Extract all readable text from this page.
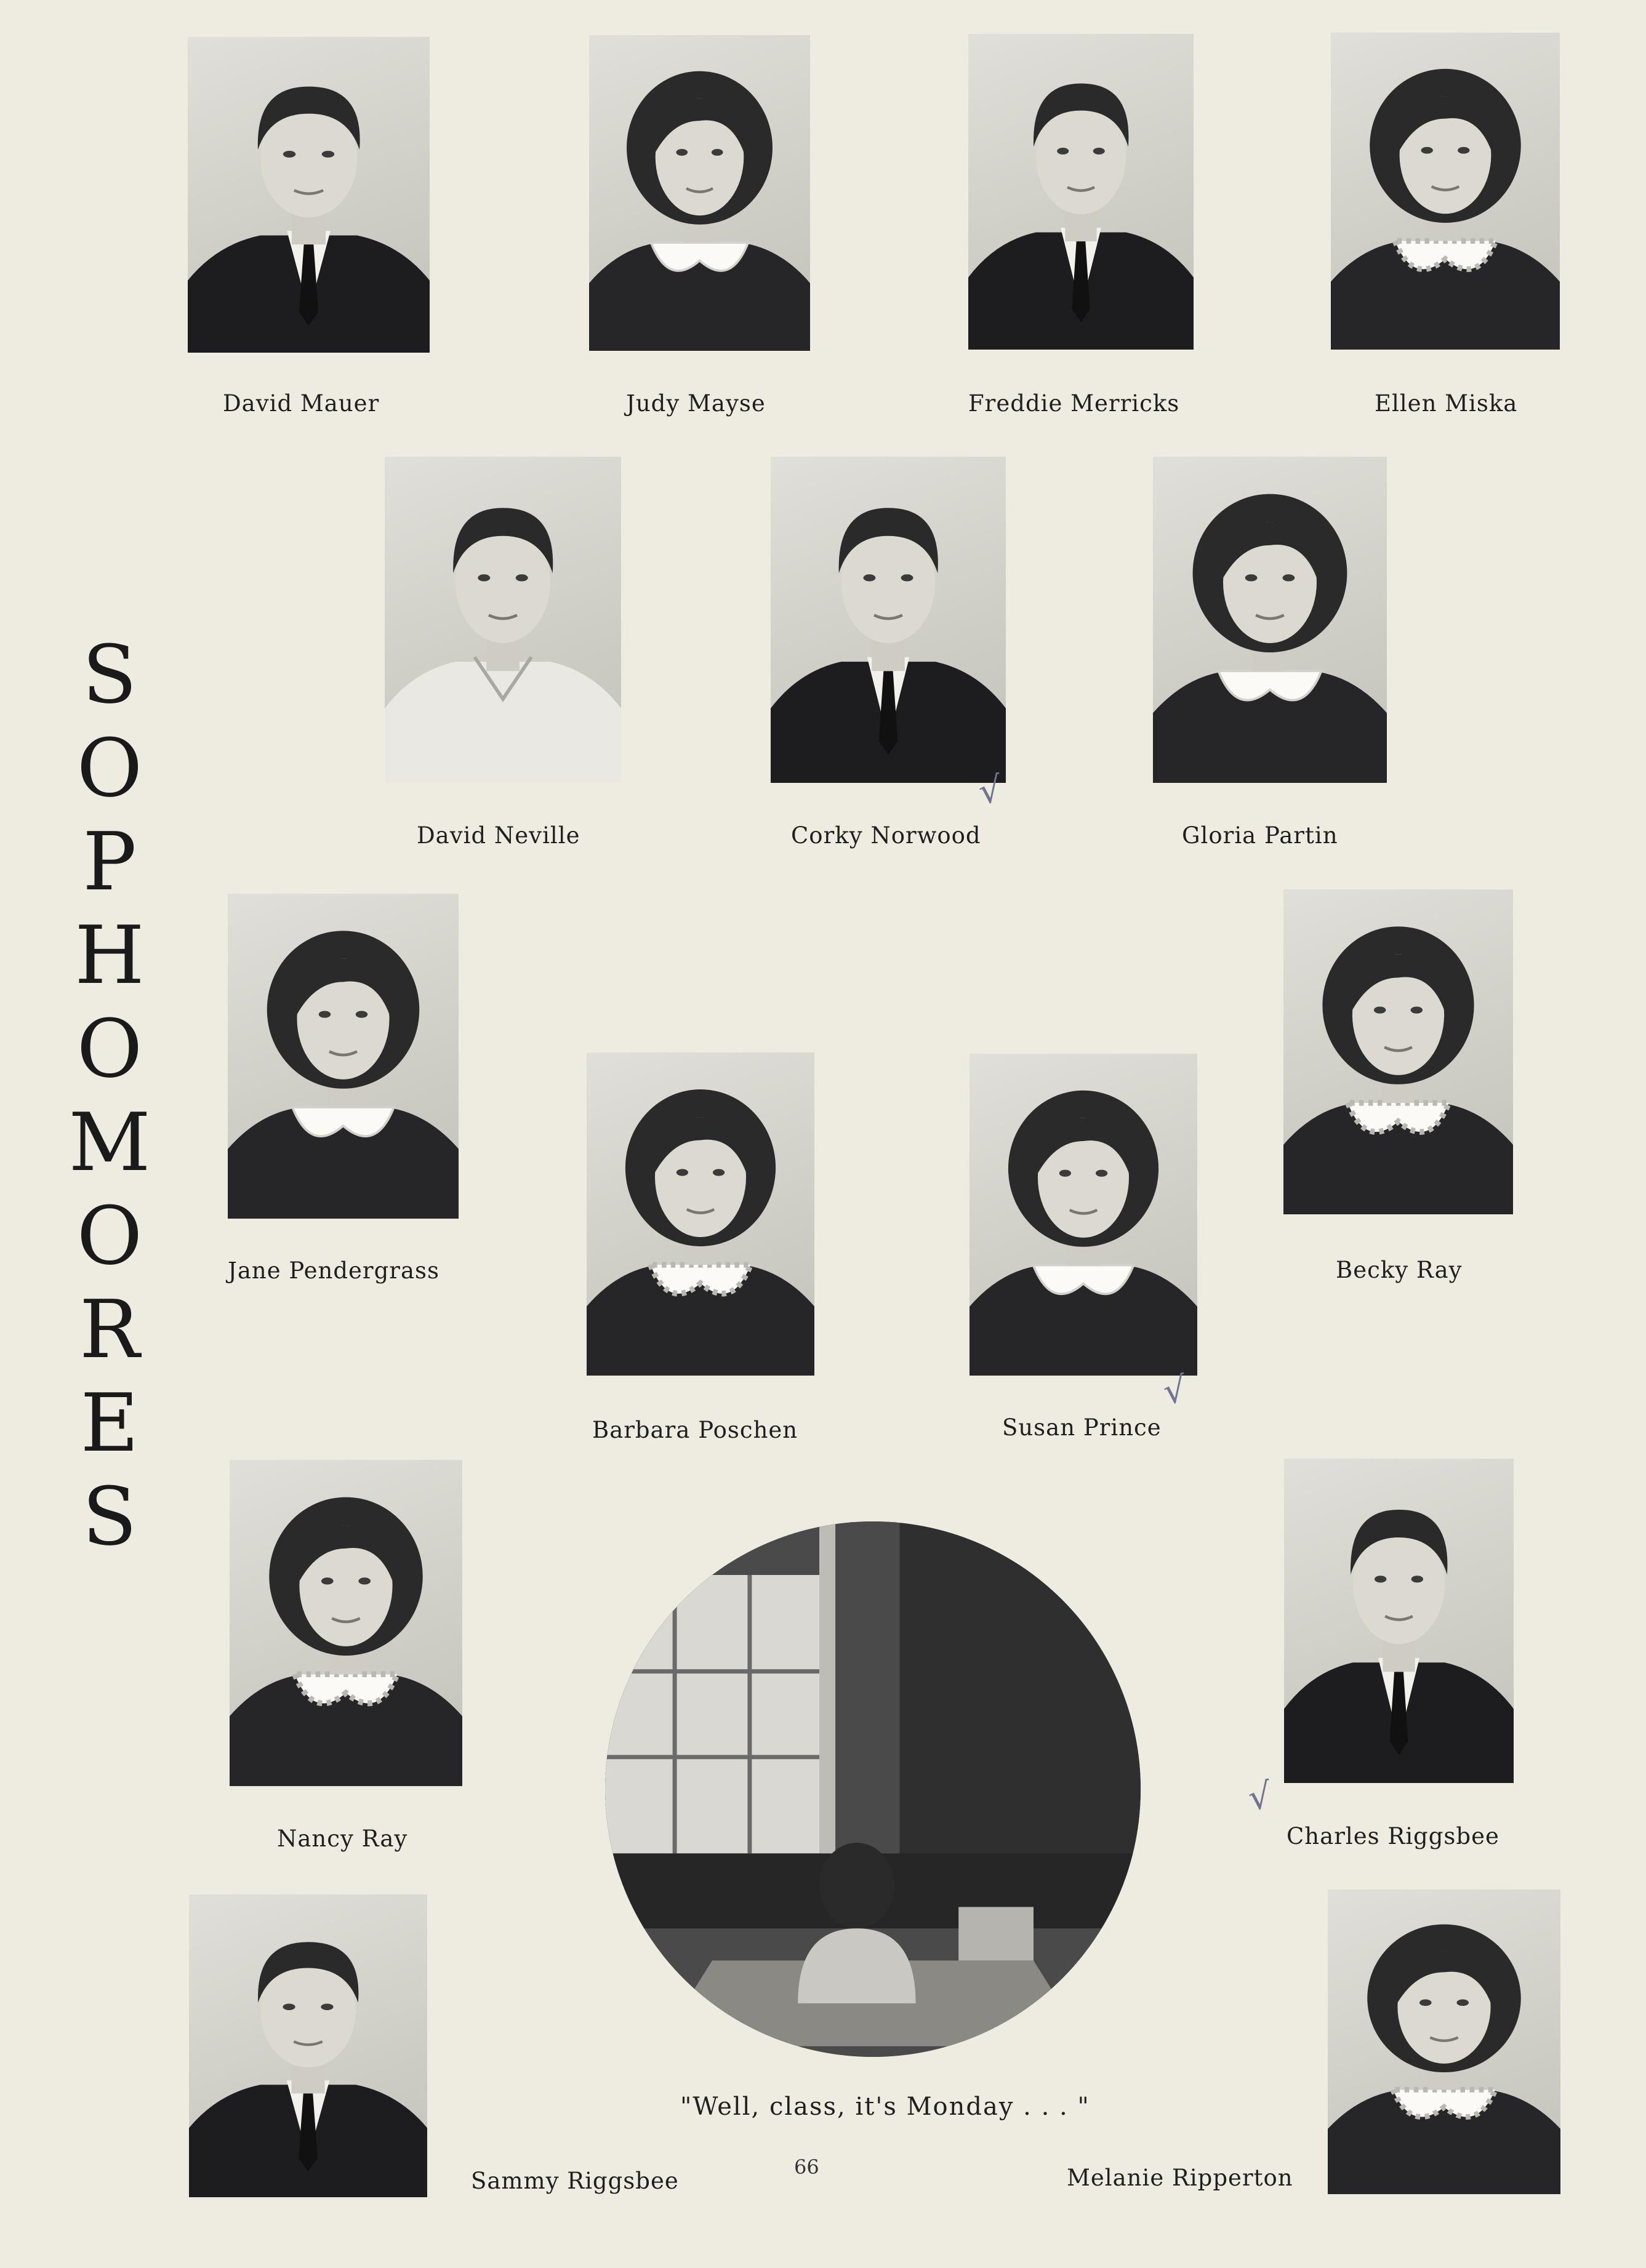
S
O
P
H
O
M
O
R
E
S
David Mauer	Judy Mayse	Freddie Merricks	Ellen Miska
David Neville	Corky Norwood
√
Gloria Partin
Jane Pendergrass
Barbara Poschen	Susan Prince
√
Becky Ray
Nancy Ray
"Well, class, it's Monday . . . "
Charles Riggsbee
√
Sammy Riggsbee	Melanie Ripperton
66
